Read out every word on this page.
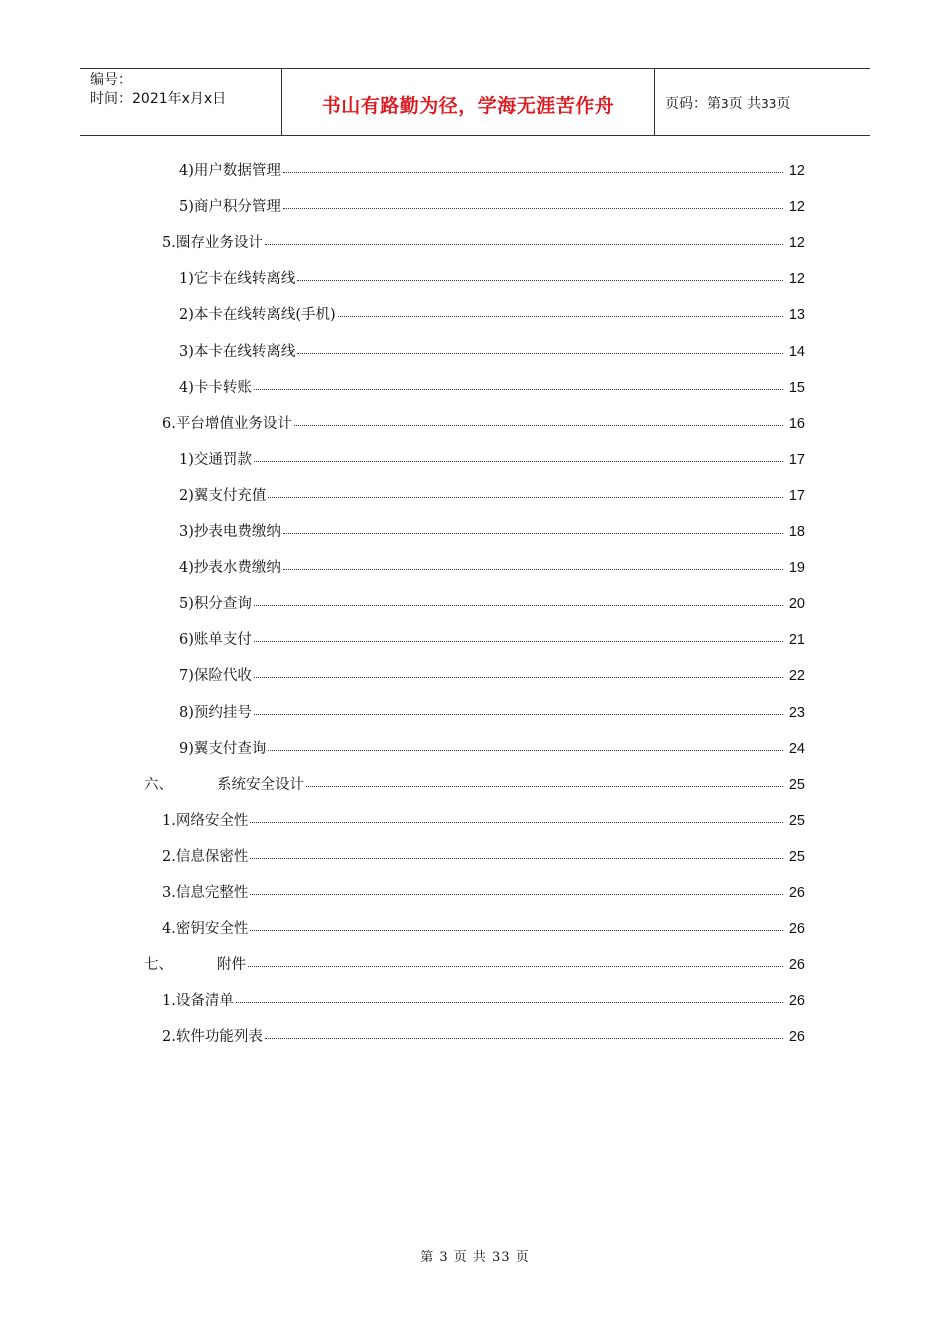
编号：
时间：2021年x月x日	书山有路勤为径，学海无涯苦作舟	页码：第3页 共33页
4)用户数据管理	12
5)商户积分管理	12
5.圈存业务设计	12
1)它卡在线转离线	12
2)本卡在线转离线(手机)	13
3)本卡在线转离线	14
4)卡卡转账	15
6.平台增值业务设计	16
1)交通罚款	17
2)翼支付充值	17
3)抄表电费缴纳	18
4)抄表水费缴纳	19
5)积分查询	20
6)账单支付	21
7)保险代收	22
8)预约挂号	23
9)翼支付查询	24
六、	系统安全设计	25
1.网络安全性	25
2.信息保密性	25
3.信息完整性	26
4.密钥安全性	26
七、	附件	26
1.设备清单	26
2.软件功能列表	26
第 3 页 共 33 页
